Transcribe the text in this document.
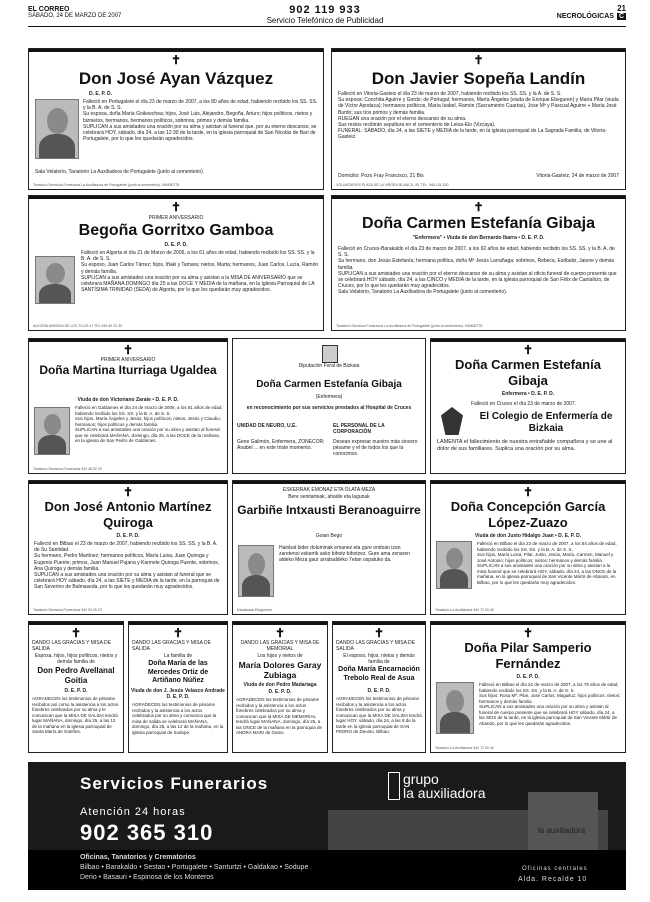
EL CORREO
SÁBADO, 24 DE MARZO DE 2007	902 119 933
Servicio Telefónico de Publicidad
21
NECROLÓGICAS C
✝
Don José Ayan Vázquez
D. E. P. D.
Falleció en Portugalete el día 23 de marzo de 2007, a los 80 años de edad, habiendo recibido los SS. SS. y la B. A. de S. S.
Su esposa, doña María Goikoechea; hijos, José Luis, Alejandro, Begoña, Arturo; hijos políticos, nietos y biznietos, hermanos, hermanos políticos, sobrinos, primos y demás familia.
SUPLICAN a sus amistades una oración por su alma y asistan al funeral que, por su eterno descanso, se celebrará HOY, sábado, día 24, a las 12:30 de la tarde, en la iglesia parroquial de San Nicolás de Bari de Portugalete, por lo que les quedarán agradecidos.
Sala Velatorio, Tanatorio La Auxiliadora de Portugalete (junto al cementerio).
Tanatorio Servicios Funerarios La Auxiliadora de Portugalete (junto al cementerio). 944830778
✝
Don Javier Sopeña Landín
Falleció en Vitoria-Gasteiz el día 23 de marzo de 2007, habiendo recibido los SS. SS. y la A. de S. S.
Su esposa: Conchita Aguirre y Gordo; de Portugal; hermanos, María Ángeles (viuda de Enrique Ebeguren) y María Pilar (viuda de Víctor Apodaca); hermanos políticos, María Isabel, Ramón (Sacramento Cuartas), Jose Mª y Pascual Aguirre + María José Burdo; sus tíos primos y demás familia.
RUEGAN una oración por el eterno descanso de su alma.
Sus restos recibirán sepultura en el cementerio de Leioa-Elo (Vizcaya).
FUNERAL: SÁBADO, día 24, a las SIETE y MEDIA de la tarde, en la iglesia parroquial de La Sagrada Familia, de Vitoria-Gasteiz.
Domicilio: Pozo Fray Francisco, 21 Bis	Vitoria-Gasteiz, 24 de marzo de 2007
VOLUNTARIOS PLAZA DE LA VIRGEN BLANCA, 45. TEL. 945 131 520
✝
PRIMER ANIVERSARIO
Begoña Gorritxo Gamboa
D. E. P. D.
Falleció en Algorta el día 21 de Marzo de 2006, a los 61 años de edad, habiendo recibido los SS. SS. y la B. A. de S. S.
Su esposo, Juan Carlos Tárrez; hijos, Iñaki y Tamara; nietos, Marta; hermanos, Juan Carlos, Lucía, Ramón y demás familia.
SUPLICAN a sus amistades una oración por su alma y asistan a la MISA DE ANIVERSARIO que se celebrará MAÑANA DOMINGO día 25 a las DOCE Y MEDIA de la mañana, en la Iglesia Parroquial de LA SANTÍSIMA TRINIDAD (SEDA) de Algorta, por lo que les quedarán muy agradecidos.
ALEGRÍA AVENIDA DE LOS TILOS 47 TEL 944 60 23 33
✝
Doña Carmen Estefanía Gibaja
"Enfermera" • Viuda de don Bernardo Ibarra • D. E. P. D.
Falleció en Cruces-Barakaldo el día 23 de marzo de 2007, a los 92 años de edad, habiendo recibido los SS. SS. y la B. A. de S. S.
Su hermano, don Jesús Estefanía; hermana política, doña Mª Jesús Larrañaga; sobrinos, Rebeca, Estíbaliz, Jaione y demás familia.
SUPLICAN a sus amistades una oración por el eterno descanso de su alma y asistan al oficio funeral de cuerpo presente que se celebrará HOY sábado, día 24, a las CINCO y MEDIA de la tarde, en la iglesia parroquial de San Félix de Cantalicio, de Cruces, por lo que les quedarán muy agradecidos.
Sala Velatorio, Tanatorio La Auxiliadora de Portugalete (junto al cementerio).
Tanatorio Servicios Funerarios La Auxiliadora de Portugalete (junto al cementerio). 944830778
✝
PRIMER ANIVERSARIO
Doña Martina Iturriaga Ugaldea
Viuda de don Victoriano Zarate • D. E. P. D.
Falleció en Galdames el día 24 de marzo de 2006, a los 81 años de edad, habiendo recibido los SS. SS. y la B. A. de S. S.
Sus hijos, María Ángeles y Jesús; hijos políticos; nietos, Jesús y Claudio; hermanos; hijos políticos y demás familia.
SUPLICAN a sus amistades una oración por su alma y asistan al funeral que se celebrará MAÑANA, domingo, día 25, a las DOCE de la mañana, en la iglesia de San Pedro de Galdames.
Tanatorio Servicios Funerarios 944 48 02 25
Diputación Foral de Bizkaia
Doña Carmen Estefanía Gibaja
(Enfermera)
en reconocimiento por sus servicios prestados al Hospital de Cruces
UNIDAD DE NEURO, U.E.	EL PERSONAL DE LA CORPORACIÓN
Gene Galimón, Enfermera, ZONECOR; Anabel ... en este triste momento.
Desean expresar nuestro más sincero pésame y el de todos los que la conocimos.
✝
Doña Carmen Estefanía Gibaja
Enfermera • D. E. P. D.
Falleció en Cruces el día 23 de marzo de 2007.
El Colegio de Enfermería de Bizkaia
LAMENTA el fallecimiento de nuestra entrañable compañera y se une al dolor de sus familiares. Suplica una oración por su alma.
✝
Don José Antonio Martínez Quiroga
D. E. P. D.
Falleció en Bilbao el 23 de marzo de 2007, habiendo recibido los SS. SS. y la B. A. de Su Santidad.
Su hermano, Pedro Martínez; hermanos políticos, María Luisa, Juan Quiroga y Eugenio Puente; primos, Juan Manuel Pujana y Karmele Quiroga Puente, sobrinos, Ana Quiroga y demás familia.
SUPLICAN a sus amistades una oración por su alma y asistan al funeral que se celebrará HOY sábado, día 24, a las SIETE y MEDIA de la tarde, en la parroquia de San Severino de Balmaseda, por lo que les quedarán muy agradecidos.
Tanatorio Servicios Funerarios 944 09 25 23
ESKERRAK EMONAZ ETA OLATA MEZA
Bere senitarteak, ahaide eta lagunak
Garbiñe Intxausti Beranoaguirre
Goian Bego
Hainbat bider doluminak emanez eta gure ondoan izan zaretenoi eskerrik asko bihotz-bihotzez. Gure ama zenaren aldeko Meza gaur arratsaldeko 7etan ospatuko da.
Eskaintzak Elizgizonei
✝
Doña Concepción García López-Zuazo
Viuda de don Justo Hidalgo Juan • D. E. P. D.
Falleció en Bilbao el día 23 de marzo de 2007, a los 84 años de edad, habiendo recibido los SS. SS. y la B. A. de S. S.
Sus hijos, María Luisa, Pilar, Justo, Jesús, María, Carmen, Manuel y José Antonio; hijos políticos; nietos; hermanos y demás familia.
SUPLICAN a sus amistades una oración por su alma y asistan a la misa funeral que se celebrará HOY, sábado, día 24, a las ONCE de la mañana, en la iglesia parroquial de San Vicente Mártir de Abando, en Bilbao, por lo que les quedarán muy agradecidos.
Tanatorio La Auxiliadora 944 72 00 40
✝
DANDO LAS GRACIAS Y MISA DE SALIDA
Esposa, hijos, hijos políticos, nietos y demás familia de
Don Pedro Avellanal Goitia
D. E. P. D.
AGRADECEN los testimonios de pésame recibidos así como la asistencia a los actos fúnebres celebrados por su alma y le comunican que la MISA DE SALIDA tendrá lugar MAÑANA, domingo, día 25, a las 12 de la mañana en la iglesia parroquial de Santa María de Güeñes.
✝
DANDO LAS GRACIAS Y MISA DE SALIDA
La familia de
Doña María de las Mercedes Ortiz de Artiñano Núñez
Viuda de don J. Jesús Velasco Andrade
D. E. P. D.
AGRADECEN los testimonios de pésame recibidos y la asistencia a los actos celebrados por su alma y comunica que la misa de salida se celebrará MAÑANA, domingo, día 25, a las 12 de la mañana, en la iglesia parroquial de Sodupe.
✝
DANDO LAS GRACIAS Y MISA DE MEMORIAL
Los hijos y nietos de
María Dolores Garay Zubiaga
Viuda de don Pedro Madariaga
D. E. P. D.
AGRADECEN los testimonios de pésame recibidos y la asistencia a los actos fúnebres celebrados por su alma y comunican que la MISA DE MEMORIAL tendrá lugar MAÑANA, domingo, día 25, a las ONCE de la mañana en la parroquia de ANDRA MARI de Getxo.
✝
DANDO LAS GRACIAS Y MISA DE SALIDA
El esposo, hijos, nietos y demás familia de
Doña María Encarnación Trebolo Real de Asua
D. E. P. D.
AGRADECEN los testimonios de pésame recibidos y la asistencia a los actos fúnebres celebrados por su alma y comunican que la MISA DE SALIDA tendrá lugar HOY, sábado, día 24, a las 8 de la tarde en la iglesia parroquial de SAN PEDRO de Deusto, Bilbao.
✝
Doña Pilar Samperio Fernández
D. E. P. D.
Falleció en Bilbao el día 22 de marzo de 2007, a los 79 años de edad, habiendo recibido los SS. SS. y la B. A. de S. S.
Sus hijos: Rosa Mª, Pilar, José Carlos, Maguiluz; hijos políticos; nietos; hermanos y demás familia.
SUPLICAN a sus amistades una oración por su alma y asistan al funeral de cuerpo presente que se celebrará HOY sábado, día 24, a las SEIS de la tarde, en la iglesia parroquial de San Vicente Mártir de Abando, por lo que les quedarán agradecidos.
Tanatorio La Auxiliadora 944 72 00 40
la auxiliadora
Servicios Funerarios
Atención 24 horas
902 365 310
grupo
la auxiliadora
Oficinas, Tanatorios y Crematorios
Bilbao • Barakaldo • Sestao • Portugalete • Santurtzi • Galdakao • Sodupe
Derio • Basauri • Espinosa de los Monteros
Oficinas centrales
Alda. Recalde 10
